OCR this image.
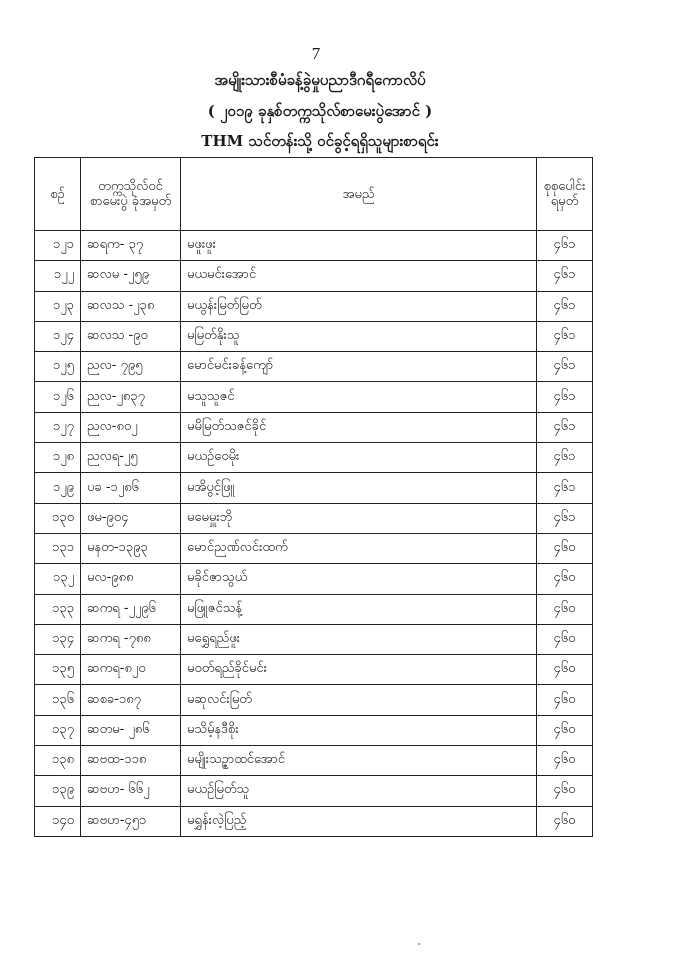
7
အမျိုးသားစီမံခန့်ခွဲမှုပညာဒီဂရီကောလိပ်
( ၂၀၁၉ ခုနှစ်တက္ကသိုလ်စာမေးပွဲအောင် )
THM သင်တန်းသို့ ဝင်ခွင့်ရရှိသူများစာရင်း
စဉ်	တက္ကသိုလ်ဝင် စာမေးပွဲ ခုံအမှတ်	အမည်	စုစုပေါင်း ရမှတ်
၁၂၁	ဆရက- ၃၇	မဖူးဖူး	၄၆၁
၁၂၂	ဆလမ -၂၅၉	မယမင်းအောင်	၄၆၁
၁၂၃	ဆလသ -၂၃၈	မယွန်းမြတ်မြတ်	၄၆၁
၁၂၄	ဆလသ -၉၀	မမြတ်နိုးသူ	၄၆၁
၁၂၅	ညလ- ၇၉၅	မောင်မင်းခန့်ကျော်	၄၆၁
၁၂၆	ညလ-၂၈၃၇	မသူသူဇင်	၄၆၁
၁၂၇	ညလ-၈၀၂	မမိမြတ်သဇင်ခိုင်	၄၆၁
၁၂၈	ညလရ-၂၅	မယဉ်ဝေမိုး	၄၆၁
၁၂၉	ပခ -၁၂၈၆	မအိပွင့်ဖြူ	၄၆၁
၁၃၀	ဖမ-၉၀၄	မမေမှူးဘို	၄၆၁
၁၃၁	မနတ-၁၃၉၃	မောင်ညဏ်လင်းထက်	၄၆၀
၁၃၂	မလ-၉၈၈	မခိုင်ဇာသွယ်	၄၆၀
၁၃၃	ဆကရ -၂၂၉၆	မဖြူဇင်သန့်	၄၆၀
၁၃၄	ဆကရ -၇၈၈	မရွှေရည်ဖူး	၄၆၀
၁၃၅	ဆကရ-၈၂၀	မဝတ်ရည်ခိုင်မင်း	၄၆၀
၁၃၆	ဆစခ-၁၈၇	မဆုလင်းမြတ်	၄၆၀
၁၃၇	ဆတမ- ၂၈၆	မသိမ့်နဒီစိုး	၄၆၀
၁၃၈	ဆဗထ-၁၁၈	မမျိုးသဥ္ဇာထင်အောင်	၄၆၀
၁၃၉	ဆဗဟ- ၆၆၂	မယဉ်မြတ်သူ	၄၆၀
၁၄၀	ဆဗဟ-၄၅၁	မရွှန်းလဲ့ပြည့်	၄၆၀
